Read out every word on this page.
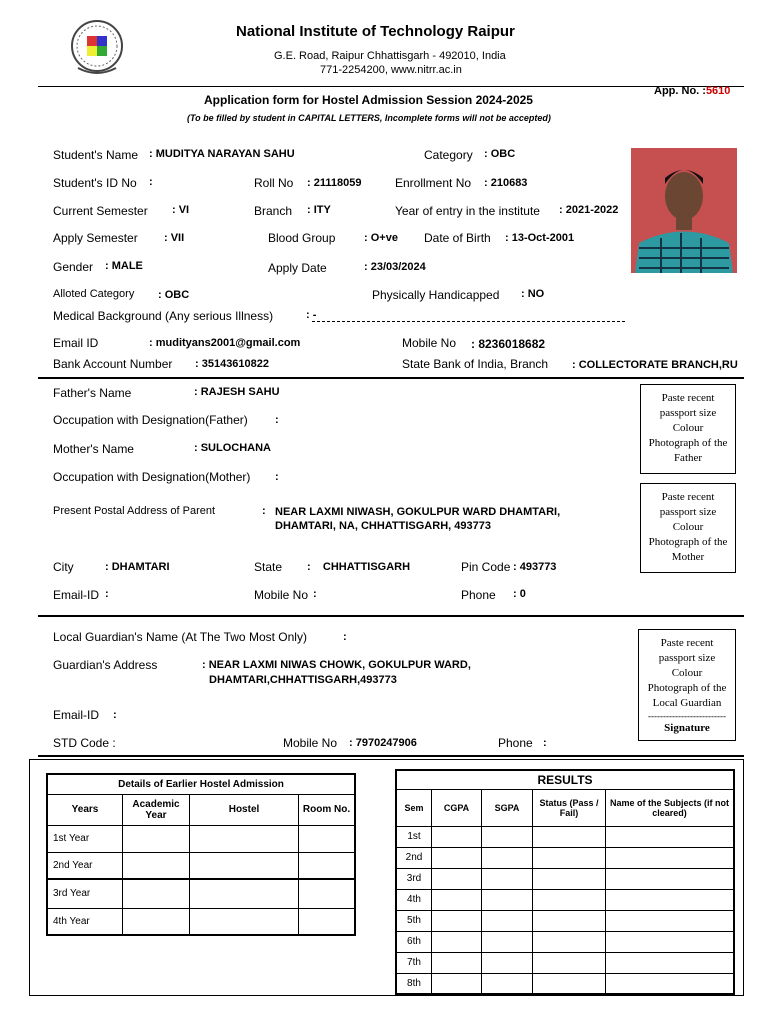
National Institute of Technology Raipur
G.E. Road, Raipur Chhattisgarh - 492010, India
771-2254200, www.nitrr.ac.in
App. No. :5610
Application form for Hostel Admission Session 2024-2025
(To be filled by student in CAPITAL LETTERS, Incomplete forms will not be accepted)
Student's Name : MUDITYA NARAYAN SAHU	Category : OBC
Student's ID No :	Roll No : 21118059	Enrollment No : 210683
Current Semester : VI	Branch : ITY	Year of entry in the institute : 2021-2022
Apply Semester : VII	Blood Group	: O+ve Date of Birth : 13-Oct-2001
Gender : MALE	Apply Date	: 23/03/2024
Alloted Category : OBC	Physically Handicapped : NO
Medical Background (Any serious Illness)	: -
Email ID	: mudityans2001@gmail.com	Mobile No : 8236018682
Bank Account Number : 35143610822	State Bank of India, Branch : COLLECTORATE BRANCH,RU
Father's Name	: RAJESH SAHU
Occupation with Designation(Father) :
Mother's Name	: SULOCHANA
Occupation with Designation(Mother) :
Present Postal Address of Parent	: NEAR LAXMI NIWASH, GOKULPUR WARD DHAMTARI,
DHAMTARI, NA, CHHATTISGARH, 493773
City	: DHAMTARI	State :    CHHATTISGARH	Pin Code : 493773
Email-ID :	Mobile No :	Phone : 0
Paste recent
passport size
Colour
Photograph of the
Father
Paste recent
passport size
Colour
Photograph of the
Mother
Local Guardian's Name (At The Two Most Only)	:
Guardian's Address	: NEAR LAXMI NIWAS CHOWK, GOKULPUR WARD,
DHAMTARI,CHHATTISGARH,493773
Email-ID :
STD Code :	Mobile No : 7970247906	Phone :
Paste recent
passport size
Colour
Photograph of the
Local Guardian
--------------------------
Signature
Details of Earlier Hostel Admission			
Years	Academic Year	Hostel	Room No.
1st Year			
2nd Year			
3rd Year			
4th Year			
RESULTS				
Sem	CGPA	SGPA	Status (Pass / Fail)	Name of the Subjects (if not cleared)
1st				
2nd				
3rd				
4th				
5th				
6th				
7th				
8th				
